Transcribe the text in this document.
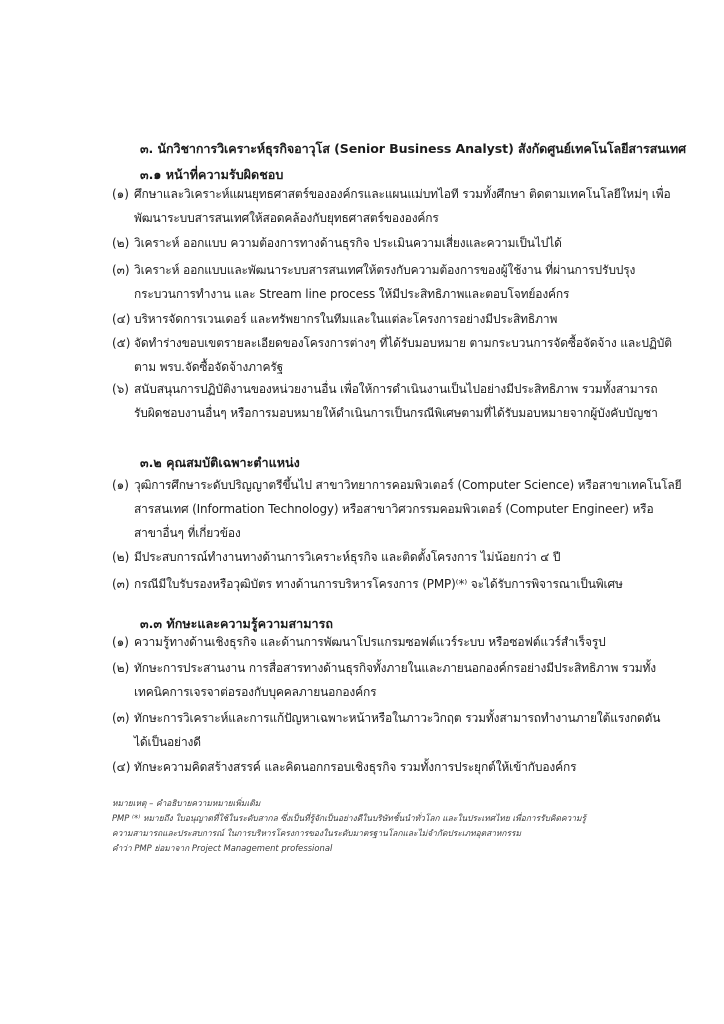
๓. นักวิชาการวิเคราะห์ธุรกิจอาวุโส (Senior Business Analyst) สังกัดศูนย์เทคโนโลยีสารสนเทศ
๓.๑ หน้าที่ความรับผิดชอบ
(๑) ศึกษาและวิเคราะห์แผนยุทธศาสตร์ขององค์กรและแผนแม่บทไอที รวมทั้งศึกษา ติดตามเทคโนโลยีใหม่ๆ เพื่อ
พัฒนาระบบสารสนเทศให้สอดคล้องกับยุทธศาสตร์ขององค์กร
(๒) วิเคราะห์ ออกแบบ ความต้องการทางด้านธุรกิจ ประเมินความเสี่ยงและความเป็นไปได้
(๓) วิเคราะห์ ออกแบบและพัฒนาระบบสารสนเทศให้ตรงกับความต้องการของผู้ใช้งาน ที่ผ่านการปรับปรุง
กระบวนการทำงาน และ Stream line process ให้มีประสิทธิภาพและตอบโจทย์องค์กร
(๔) บริหารจัดการเวนเดอร์ และทรัพยากรในทีมและในแต่ละโครงการอย่างมีประสิทธิภาพ
(๕) จัดทำร่างขอบเขตรายละเอียดของโครงการต่างๆ ที่ได้รับมอบหมาย ตามกระบวนการจัดซื้อจัดจ้าง และปฏิบัติ
ตาม พรบ.จัดซื้อจัดจ้างภาครัฐ
(๖) สนับสนุนการปฏิบัติงานของหน่วยงานอื่น เพื่อให้การดำเนินงานเป็นไปอย่างมีประสิทธิภาพ รวมทั้งสามารถ
รับผิดชอบงานอื่นๆ หรือการมอบหมายให้ดำเนินการเป็นกรณีพิเศษตามที่ได้รับมอบหมายจากผู้บังคับบัญชา
๓.๒ คุณสมบัติเฉพาะตำแหน่ง
(๑) วุฒิการศึกษาระดับปริญญาตรีขึ้นไป สาขาวิทยาการคอมพิวเตอร์ (Computer Science) หรือสาขาเทคโนโลยี
สารสนเทศ (Information Technology) หรือสาขาวิศวกรรมคอมพิวเตอร์ (Computer Engineer) หรือ
สาขาอื่นๆ ที่เกี่ยวข้อง
(๒) มีประสบการณ์ทำงานทางด้านการวิเคราะห์ธุรกิจ และติดตั้งโครงการ ไม่น้อยกว่า ๔ ปี
(๓) กรณีมีใบรับรองหรือวุฒิบัตร ทางด้านการบริหารโครงการ (PMP)⁽*⁾ จะได้รับการพิจารณาเป็นพิเศษ
๓.๓ ทักษะและความรู้ความสามารถ
(๑) ความรู้ทางด้านเชิงธุรกิจ และด้านการพัฒนาโปรแกรมซอฟต์แวร์ระบบ หรือซอฟต์แวร์สำเร็จรูป
(๒) ทักษะการประสานงาน การสื่อสารทางด้านธุรกิจทั้งภายในและภายนอกองค์กรอย่างมีประสิทธิภาพ รวมทั้ง
เทคนิคการเจรจาต่อรองกับบุคคลภายนอกองค์กร
(๓) ทักษะการวิเคราะห์และการแก้ปัญหาเฉพาะหน้าหรือในภาวะวิกฤต รวมทั้งสามารถทำงานภายใต้แรงกดดัน
ได้เป็นอย่างดี
(๔) ทักษะความคิดสร้างสรรค์ และคิดนอกกรอบเชิงธุรกิจ รวมทั้งการประยุกต์ให้เข้ากับองค์กร
หมายเหตุ – คำอธิบายความหมายเพิ่มเติม
PMP ⁽*⁾ หมายถึง ใบอนุญาตที่ใช้ในระดับสากล ซึ่งเป็นที่รู้จักเป็นอย่างดีในบริษัทชั้นนำทั่วโลก และในประเทศไทย เพื่อการรับคิดความรู้
ความสามารถและประสบการณ์ ในการบริหารโครงการของในระดับมาตรฐานโลกและไม่จำกัดประเภทอุตสาหกรรม
คำว่า PMP ย่อมาจาก Project Management professional
